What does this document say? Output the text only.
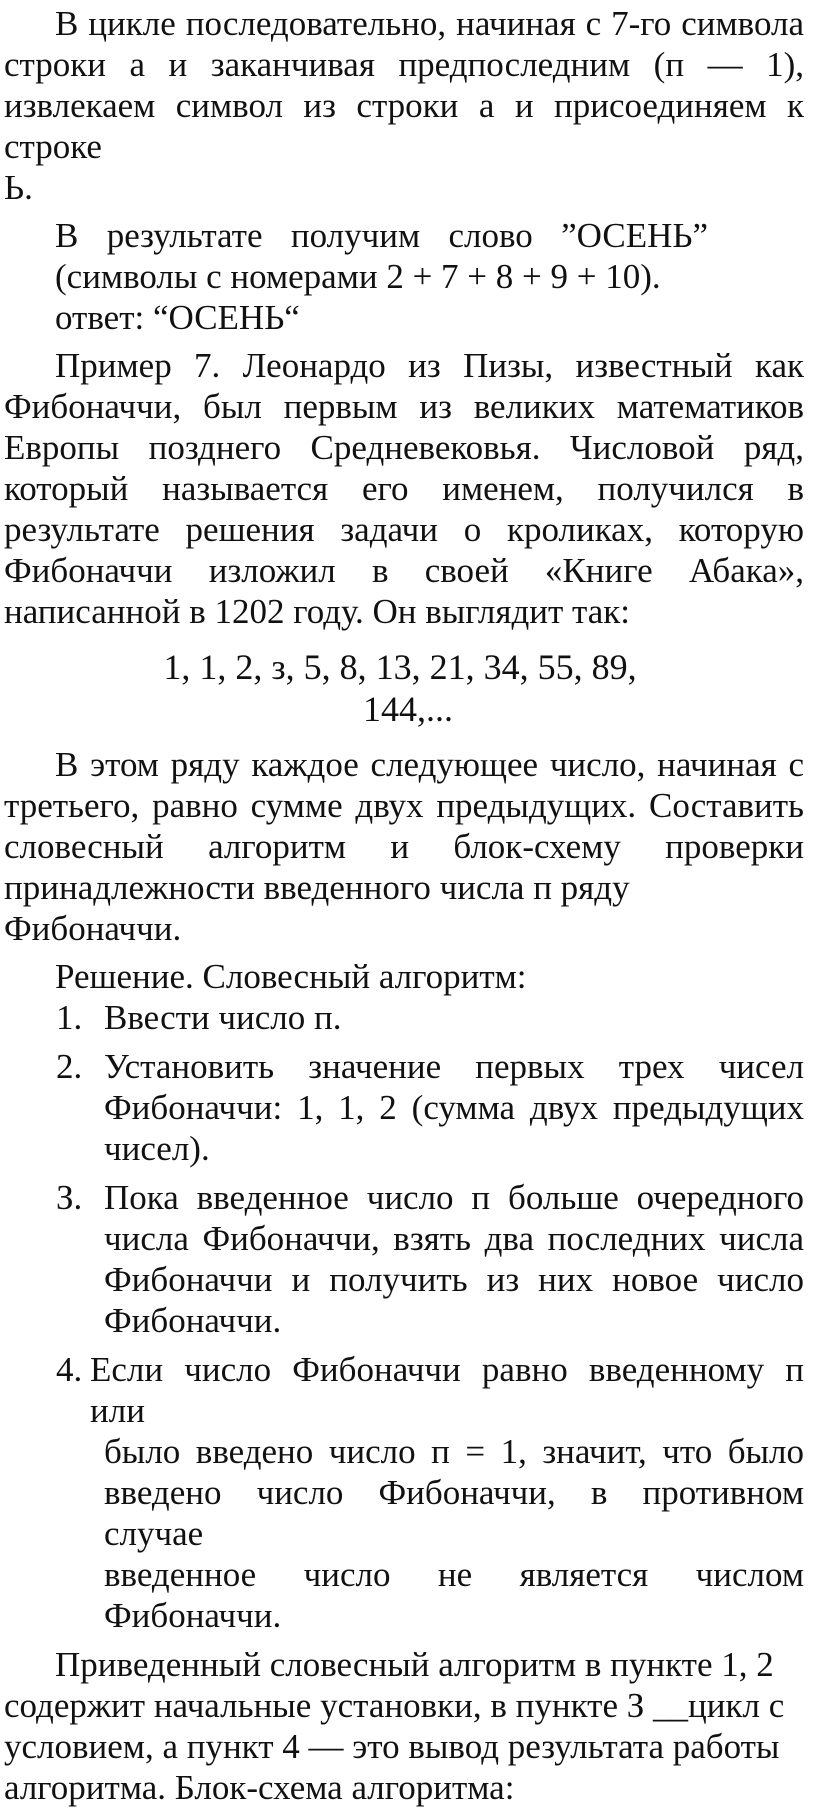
В цикле последовательно, начиная с 7-го символа
строки а и заканчивая предпоследним (п — 1),
извлекаем символ из строки а и присоединяем к строке
Ь.
В результате получим слово ”ОСЕНЬ”
(символы с номерами 2 + 7 + 8 + 9 + 10).
ответ: “ОСЕНЬ“
Пример 7. Леонардо из Пизы, известный как
Фибоначчи, был первым из великих математиков
Европы позднего Средневековья. Числовой ряд,
который называется его именем, получился в
результате решения задачи о кроликах, которую
Фибоначчи изложил в своей «Книге Абака»,
написанной в 1202 году. Он выглядит так:
1, 1, 2, з, 5, 8, 13, 21, 34, 55, 89,
144,...
В этом ряду каждое следующее число, начиная с
третьего, равно сумме двух предыдущих. Составить
словесный алгоритм и блок-схему проверки
принадлежности введенного числа п ряду Фибоначчи.
Решение. Словесный алгоритм:
1. Ввести число п.
2. Установить значение первых трех чисел
Фибоначчи: 1, 1, 2 (сумма двух предыдущих
чисел).
З. Пока введенное число п больше очередного
числа Фибоначчи, взять два последних числа
Фибоначчи и получить из них новое число
Фибоначчи.
4. Если число Фибоначчи равно введенному п или
было введено число п = 1, значит, что было
введено число Фибоначчи, в противном случае
введенное число не является числом
Фибоначчи.
Приведенный словесный алгоритм в пункте 1, 2
содержит начальные установки, в пункте З __цикл с
условием, а пункт 4 — это вывод результата работы
алгоритма. Блок-схема алгоритма:
